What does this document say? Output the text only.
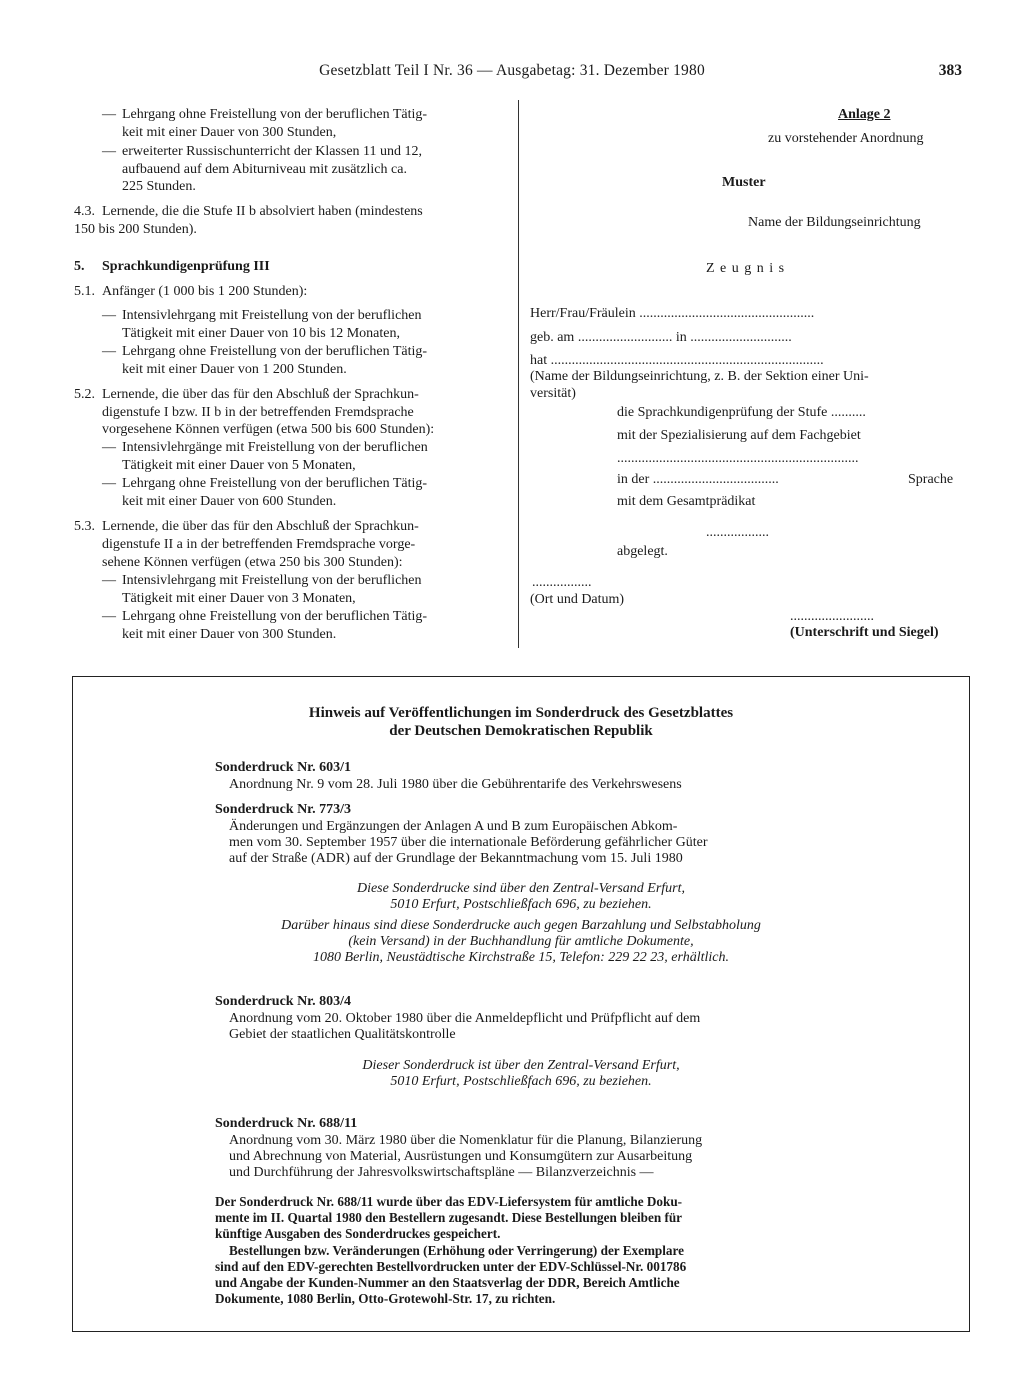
Gesetzblatt Teil I Nr. 36 — Ausgabetag: 31. Dezember 1980	383
— Lehrgang ohne Freistellung von der beruflichen Tätig-
keit mit einer Dauer von 300 Stunden,
— erweiterter Russischunterricht der Klassen 11 und 12,
aufbauend auf dem Abiturniveau mit zusätzlich ca.
225 Stunden.
4.3. Lernende, die die Stufe II b absolviert haben (mindestens
150 bis 200 Stunden).
5. Sprachkundigenprüfung III
5.1. Anfänger (1 000 bis 1 200 Stunden):
— Intensivlehrgang mit Freistellung von der beruflichen
Tätigkeit mit einer Dauer von 10 bis 12 Monaten,
— Lehrgang ohne Freistellung von der beruflichen Tätig-
keit mit einer Dauer von 1 200 Stunden.
5.2. Lernende, die über das für den Abschluß der Sprachkun-
digenstufe I bzw. II b in der betreffenden Fremdsprache
vorgesehene Können verfügen (etwa 500 bis 600 Stunden):
— Intensivlehrgänge mit Freistellung von der beruflichen
Tätigkeit mit einer Dauer von 5 Monaten,
— Lehrgang ohne Freistellung von der beruflichen Tätig-
keit mit einer Dauer von 600 Stunden.
5.3. Lernende, die über das für den Abschluß der Sprachkun-
digenstufe II a in der betreffenden Fremdsprache vorge-
sehene Können verfügen (etwa 250 bis 300 Stunden):
— Intensivlehrgang mit Freistellung von der beruflichen
Tätigkeit mit einer Dauer von 3 Monaten,
— Lehrgang ohne Freistellung von der beruflichen Tätig-
keit mit einer Dauer von 300 Stunden.
Anlage 2
zu vorstehender Anordnung
Muster
Name der Bildungseinrichtung
Z e u g n i s
Herr/Frau/Fräulein ..................................................
geb. am ........................... in .............................
hat ..............................................................................
(Name der Bildungseinrichtung, z. B. der Sektion einer Uni-
versität)
die Sprachkundigenprüfung der Stufe ..........
mit der Spezialisierung auf dem Fachgebiet
.....................................................................
in der ....................................	Sprache
mit dem Gesamtprädikat
..................
abgelegt.
.................
(Ort und Datum)
........................
(Unterschrift und Siegel)
Hinweis auf Veröffentlichungen im Sonderdruck des Gesetzblattes
der Deutschen Demokratischen Republik
Sonderdruck Nr. 603/1
Anordnung Nr. 9 vom 28. Juli 1980 über die Gebührentarife des Verkehrswesens
Sonderdruck Nr. 773/3
Änderungen und Ergänzungen der Anlagen A und B zum Europäischen Abkom-
men vom 30. September 1957 über die internationale Beförderung gefährlicher Güter
auf der Straße (ADR) auf der Grundlage der Bekanntmachung vom 15. Juli 1980
Diese Sonderdrucke sind über den Zentral-Versand Erfurt,
5010 Erfurt, Postschließfach 696, zu beziehen.
Darüber hinaus sind diese Sonderdrucke auch gegen Barzahlung und Selbstabholung
(kein Versand) in der Buchhandlung für amtliche Dokumente,
1080 Berlin, Neustädtische Kirchstraße 15, Telefon: 229 22 23, erhältlich.
Sonderdruck Nr. 803/4
Anordnung vom 20. Oktober 1980 über die Anmeldepflicht und Prüfpflicht auf dem
Gebiet der staatlichen Qualitätskontrolle
Dieser Sonderdruck ist über den Zentral-Versand Erfurt,
5010 Erfurt, Postschließfach 696, zu beziehen.
Sonderdruck Nr. 688/11
Anordnung vom 30. März 1980 über die Nomenklatur für die Planung, Bilanzierung
und Abrechnung von Material, Ausrüstungen und Konsumgütern zur Ausarbeitung
und Durchführung der Jahresvolkswirtschaftspläne — Bilanzverzeichnis —
Der Sonderdruck Nr. 688/11 wurde über das EDV-Liefersystem für amtliche Doku-
mente im II. Quartal 1980 den Bestellern zugesandt. Diese Bestellungen bleiben für
künftige Ausgaben des Sonderdruckes gespeichert.
Bestellungen bzw. Veränderungen (Erhöhung oder Verringerung) der Exemplare
sind auf den EDV-gerechten Bestellvordrucken unter der EDV-Schlüssel-Nr. 001786
und Angabe der Kunden-Nummer an den Staatsverlag der DDR, Bereich Amtliche
Dokumente, 1080 Berlin, Otto-Grotewohl-Str. 17, zu richten.
